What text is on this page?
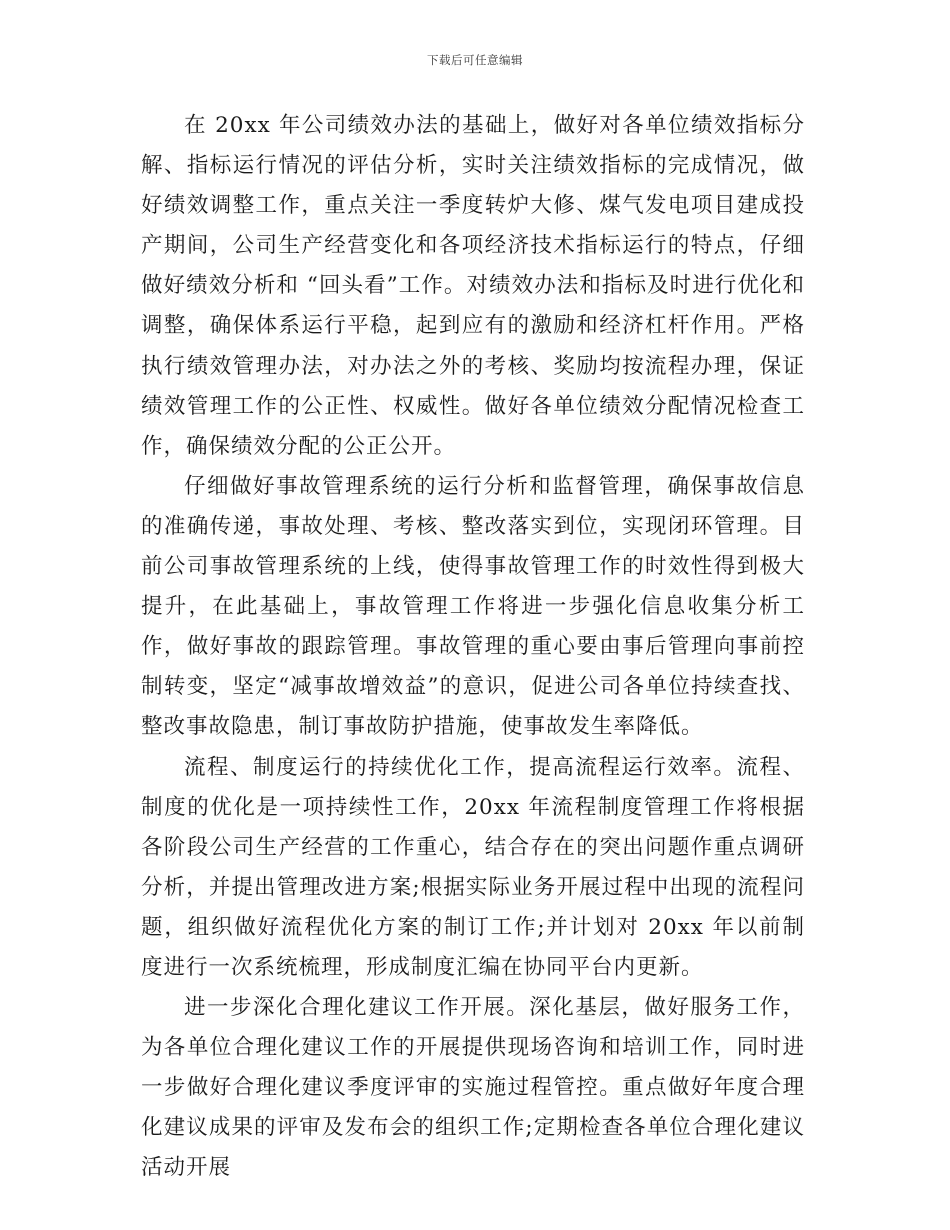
下载后可任意编辑

在 20xx 年公司绩效办法的基础上，做好对各单位绩效指标分解、指标运行情况的评估分析，实时关注绩效指标的完成情况，做好绩效调整工作，重点关注一季度转炉大修、煤气发电项目建成投产期间，公司生产经营变化和各项经济技术指标运行的特点，仔细做好绩效分析和 “回头看”工作。对绩效办法和指标及时进行优化和调整，确保体系运行平稳，起到应有的激励和经济杠杆作用。严格执行绩效管理办法，对办法之外的考核、奖励均按流程办理，保证绩效管理工作的公正性、权威性。做好各单位绩效分配情况检查工作，确保绩效分配的公正公开。

仔细做好事故管理系统的运行分析和监督管理，确保事故信息的准确传递，事故处理、考核、整改落实到位，实现闭环管理。目前公司事故管理系统的上线，使得事故管理工作的时效性得到极大提升，在此基础上，事故管理工作将进一步强化信息收集分析工作，做好事故的跟踪管理。事故管理的重心要由事后管理向事前控制转变，坚定“减事故增效益”的意识，促进公司各单位持续查找、整改事故隐患，制订事故防护措施，使事故发生率降低。

流程、制度运行的持续优化工作，提高流程运行效率。流程、制度的优化是一项持续性工作，20xx 年流程制度管理工作将根据各阶段公司生产经营的工作重心，结合存在的突出问题作重点调研分析，并提出管理改进方案;根据实际业务开展过程中出现的流程问题，组织做好流程优化方案的制订工作;并计划对 20xx 年以前制度进行一次系统梳理，形成制度汇编在协同平台内更新。

进一步深化合理化建议工作开展。深化基层，做好服务工作，为各单位合理化建议工作的开展提供现场咨询和培训工作，同时进一步做好合理化建议季度评审的实施过程管控。重点做好年度合理化建议成果的评审及发布会的组织工作;定期检查各单位合理化建议活动开展
